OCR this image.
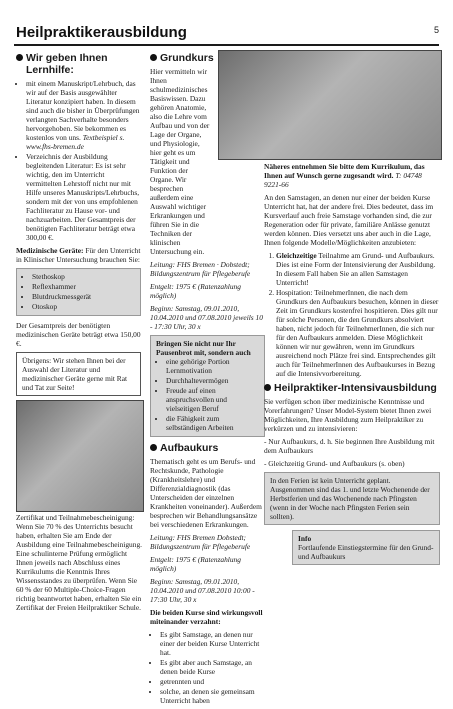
Heilpraktikerausbildung	5
Wir geben Ihnen Lernhilfe:
• mit einem Manuskript/Lehrbuch, das wir auf der Basis ausgewählter Literatur konzipiert haben. In diesem sind auch die bisher in Überprüfungen verlangten Sachverhalte besonders hervorgehoben. Sie bekommen es kostenlos von uns. Textbeispiel s. www.fhs-bremen.de
• Verzeichnis der Ausbildung begleitenden Literatur: Es ist sehr wichtig, den im Unterricht vermittelten Lehrstoff nicht nur mit Hilfe unseres Manuskripts/Lehrbuchs, sondern mit der von uns empfohlenen Fachliteratur zu Hause vor- und nachzuarbeiten. Der Gesamtpreis der benötigten Fachliteratur beträgt etwa 300,00 €.

Medizinische Geräte: Für den Unterricht in Klinischer Untersuchung brauchen Sie:

• Stethoskop
• Reflexhammer
• Blutdruckmessgerät
• Otoskop

Der Gesamtpreis der benötigten medizinischen Geräte beträgt etwa 150,00 €.

Übrigens: Wir stehen Ihnen bei der Auswahl der Literatur und medizinischer Geräte gerne mit Rat und Tat zur Seite!
Zertifikat und Teilnahmebescheinigung: Wenn Sie 70 % des Unterrichts besucht haben, erhalten Sie am Ende der Ausbildung eine Teilnahmebescheinigung. Eine schulinterne Prüfung ermöglicht Ihnen jeweils nach Abschluss eines Kurrikulums die Kenntnis Ihres Wissensstandes zu überprüfen. Wenn Sie 60 % der 60 Multiple-Choice-Fragen richtig beantwortet haben, erhalten Sie ein Zertifikat der Freien Heilpraktiker Schule.
Grundkurs

Hier vermitteln wir Ihnen schulmedizinisches Basiswissen. Dazu gehören Anatomie, also die Lehre vom Aufbau und von der Lage der Organe, und Physiologie, hier geht es um Tätigkeit und Funktion der Organe. Wir besprechen außerdem eine Auswahl wichtiger Erkrankungen und führen Sie in die Techniken der klinischen Untersuchung ein.

Leitung: FHS Bremen · Dobstedt; Bildungszentrum für Pflegeberufe

Entgelt: 1975 € (Ratenzahlung möglich)

Beginn: Samstag, 09.01.2010, 10.04.2010 und 07.08.2010 jeweils 10 - 17:30 Uhr, 30 x

Bringen Sie nicht nur Ihr Pausenbrot mit, sondern auch
• eine gehörige Portion Lernmotivation
• Durchhaltevermögen
• Freude auf einen anspruchsvollen und vielseitigen Beruf
• die Fähigkeit zum selbständigen Arbeiten
Aufbaukurs

Thematisch geht es um Berufs- und Rechtskunde, Pathologie (Krankheitslehre) und Differenzialdiagnostik (das Unterscheiden der einzelnen Krankheiten voneinander). Außerdem besprechen wir Behandlungsansätze bei verschiedenen Erkrankungen.

Leitung: FHS Bremen Dobstedt; Bildungszentrum für Pflegeberufe

Entgelt: 1975 € (Ratenzahlung möglich)

Beginn: Samstag, 09.01.2010, 10.04.2010 und 07.08.2010 10:00 - 17:30 Uhr, 30 x

Die beiden Kurse sind wirkungsvoll miteinander verzahnt:

• Es gibt Samstage, an denen nur einer der beiden Kurse Unterricht hat.
• Es gibt aber auch Samstage, an denen beide Kurse
• getrennten und
• solche, an denen sie gemeinsam Unterricht haben

Näheres entnehmen Sie bitte dem Kurrikulum, das Ihnen auf Wunsch gerne zugesandt wird. T: 04748 9221-66

An den Samstagen, an denen nur einer der beiden Kurse Unterricht hat, hat der andere frei. Dies bedeutet, dass im Kursverlauf auch freie Samstage vorhanden sind, die zur Regeneration oder für private, familiäre Anlässe genutzt werden können. Dies versetzt uns aber auch in die Lage, Ihnen folgende Modelle/Möglichkeiten anzubieten:

1. Gleichzeitige Teilnahme am Grund- und Aufbaukurs. Dies ist eine Form der Intensivierung der Ausbildung. In diesem Fall haben Sie an allen Samstagen Unterricht!
2. Hospitation: TeilnehmerInnen, die nach dem Grundkurs den Aufbaukurs besuchen, können in dieser Zeit im Grundkurs kostenfrei hospitieren. Dies gilt nur für solche Personen, die den Grundkurs absolviert haben, nicht jedoch für TeilnehmerInnen, die sich nur für den Aufbaukurs anmelden. Diese Möglichkeit können wir nur gewähren, wenn im Grundkurs ausreichend noch Plätze frei sind. Entsprechendes gilt auch für TeilnehmerInnen des Aufbaukurses in Bezug auf die Intensivvorbereitung.
Heilpraktiker-Intensivausbildung

Sie verfügen schon über medizinische Kenntnisse und Vorerfahrungen? Unser Model-System bietet Ihnen zwei Möglichkeiten, Ihre Ausbildung zum Heilpraktiker zu verkürzen und zu intensivieren:

- Nur Aufbaukurs, d. h. Sie beginnen Ihre Ausbildung mit dem Aufbaukurs

- Gleichzeitig Grund- und Aufbaukurs (s. oben)

In den Ferien ist kein Unterricht geplant. Ausgenommen sind das 1. und letzte Wochenende der Herbstferien und das Wochenende nach Pfingsten (wenn in der Woche nach Pfingsten Ferien sein sollten).
Info
Fortlaufende Einstiegstermine für den Grund- und Aufbaukurs
